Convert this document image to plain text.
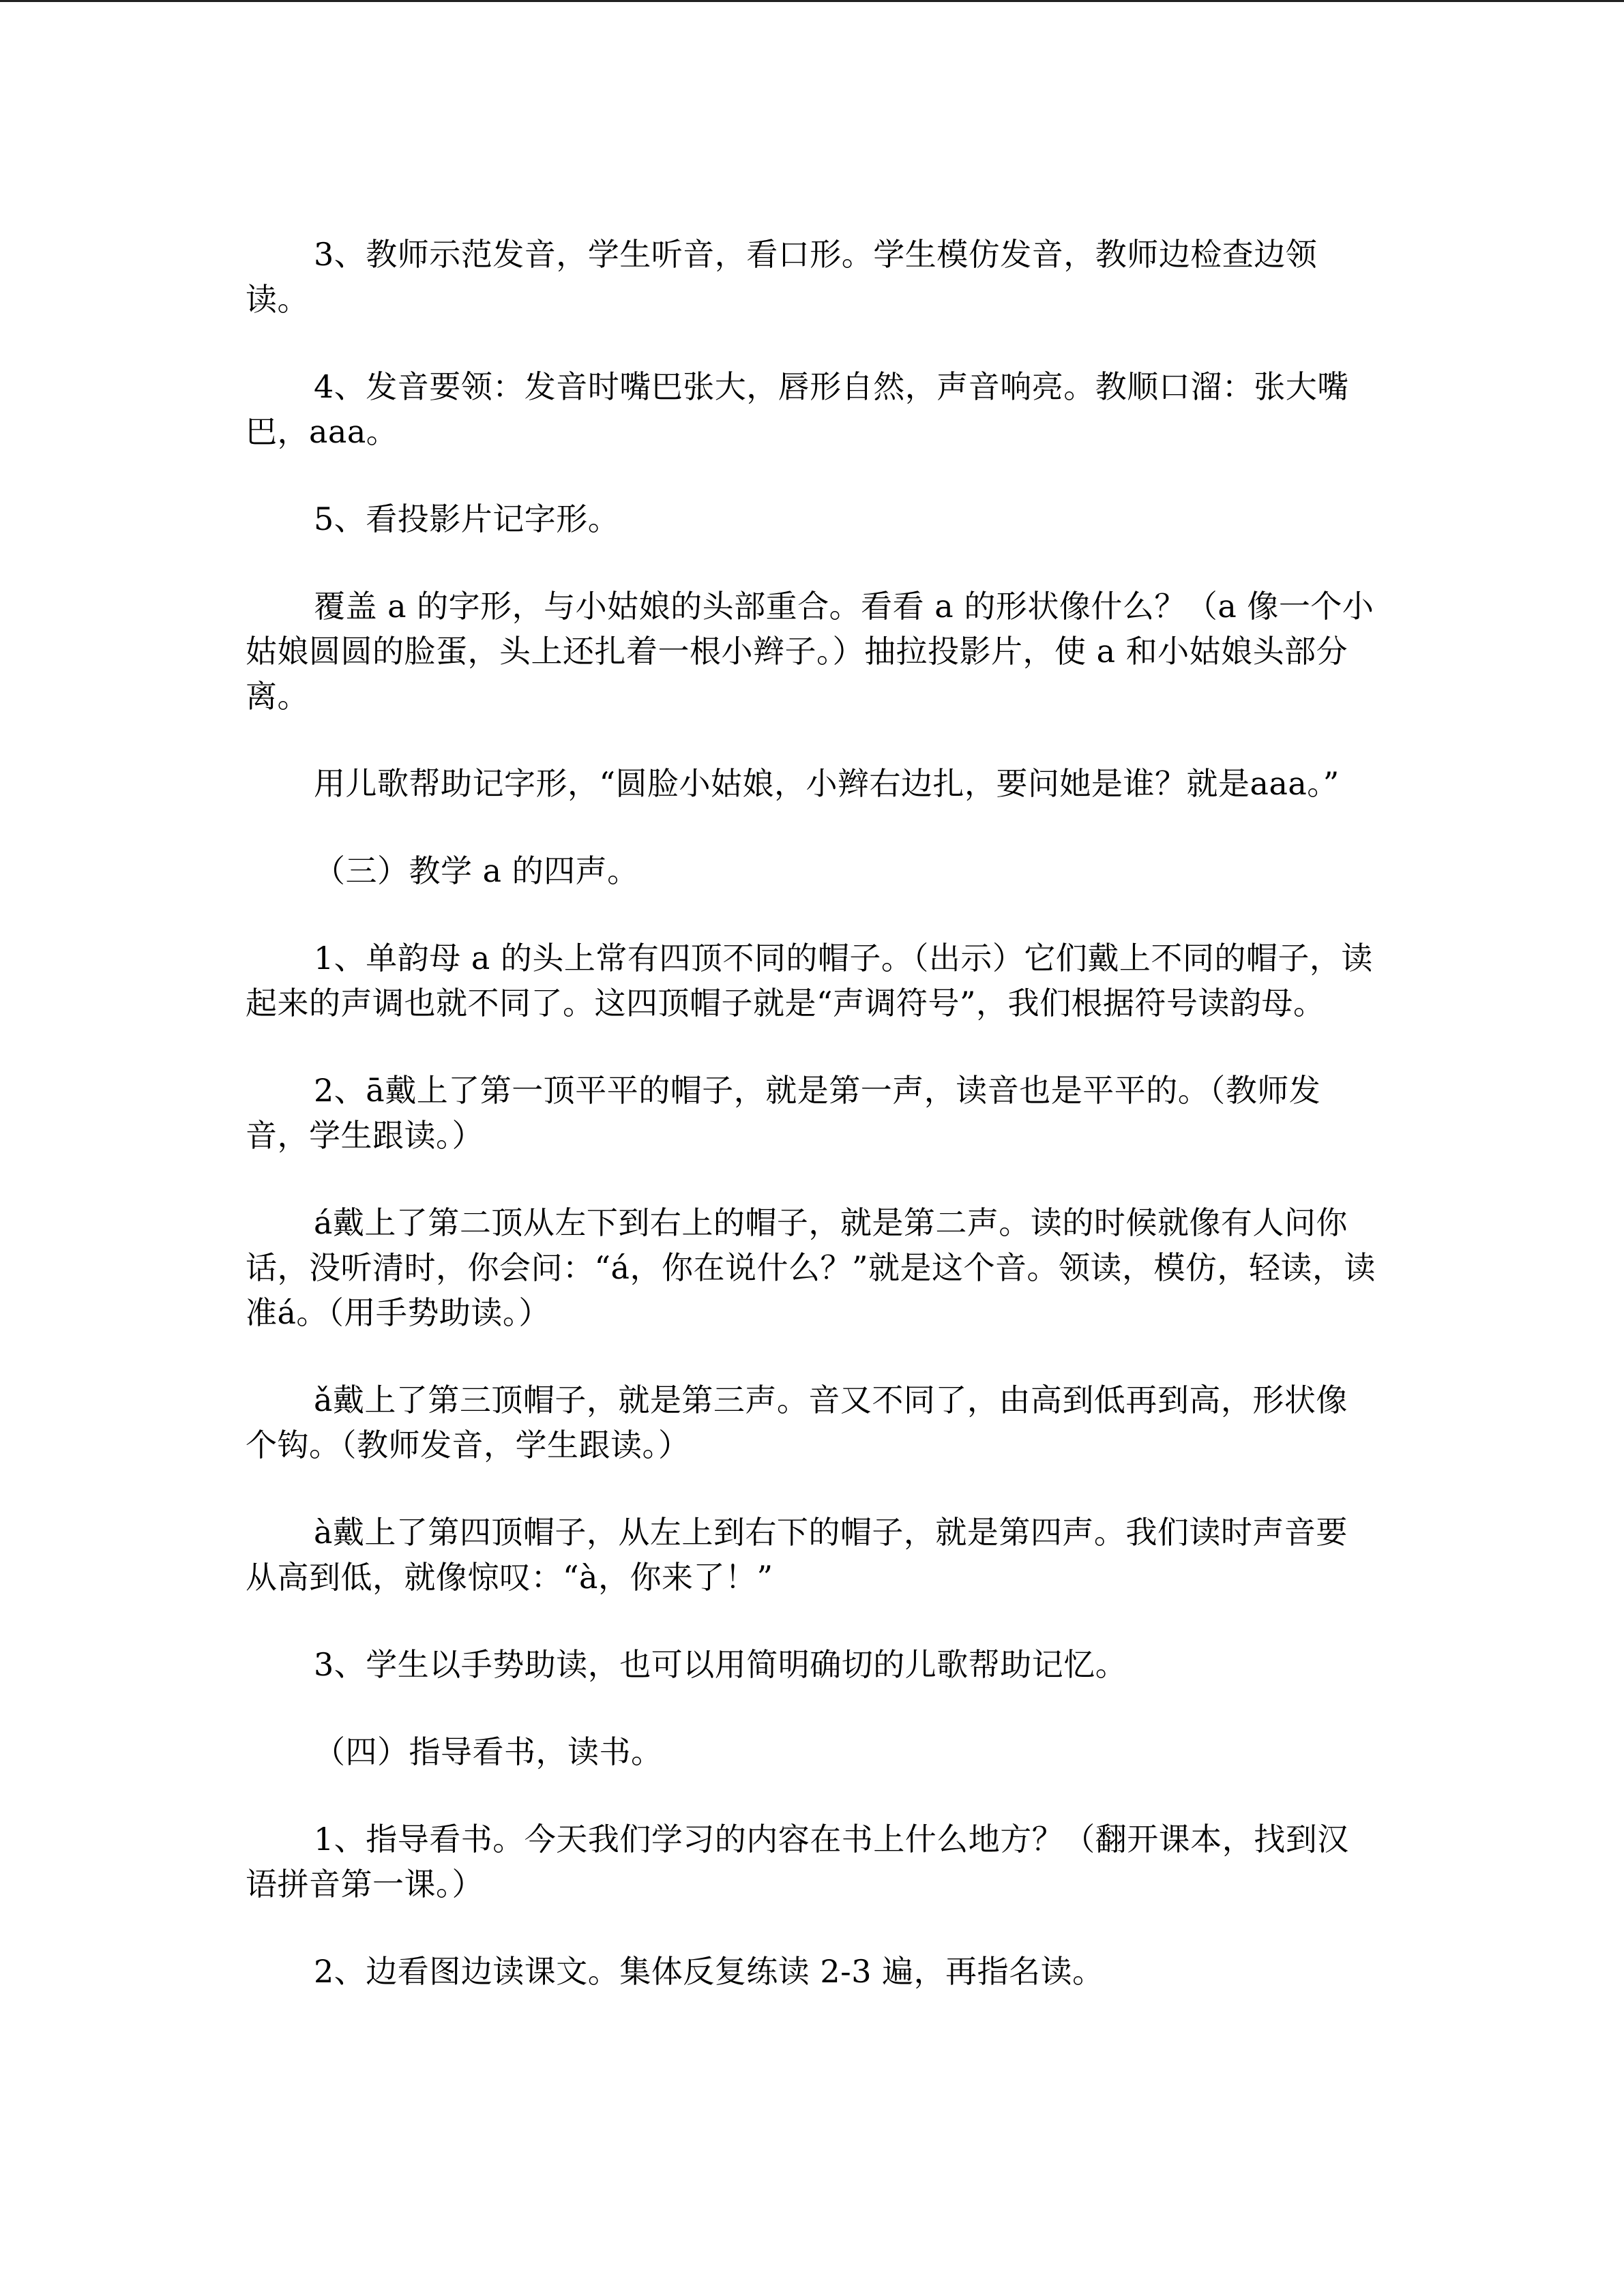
3、教师示范发音，学生听音，看口形。学生模仿发音，教师边检查边领读。

4、发音要领：发音时嘴巴张大，唇形自然，声音响亮。教顺口溜：张大嘴巴，aaa。

5、看投影片记字形。

覆盖 a 的字形，与小姑娘的头部重合。看看 a 的形状像什么？（a 像一个小姑娘圆圆的脸蛋，头上还扎着一根小辫子。）抽拉投影片，使 a 和小姑娘头部分离。

用儿歌帮助记字形，“圆脸小姑娘，小辫右边扎，要问她是谁？就是aaa。”

（三）教学 a 的四声。

1、单韵母 a 的头上常有四顶不同的帽子。（出示）它们戴上不同的帽子，读起来的声调也就不同了。这四顶帽子就是“声调符号”，我们根据符号读韵母。

2、ā戴上了第一顶平平的帽子，就是第一声，读音也是平平的。（教师发音，学生跟读。）

á戴上了第二顶从左下到右上的帽子，就是第二声。读的时候就像有人问你话，没听清时，你会问：“á，你在说什么？”就是这个音。领读，模仿，轻读，读准á。（用手势助读。）

ǎ戴上了第三顶帽子，就是第三声。音又不同了，由高到低再到高，形状像个钩。（教师发音，学生跟读。）

à戴上了第四顶帽子，从左上到右下的帽子，就是第四声。我们读时声音要从高到低，就像惊叹：“à，你来了！”

3、学生以手势助读，也可以用简明确切的儿歌帮助记忆。

（四）指导看书，读书。

1、指导看书。今天我们学习的内容在书上什么地方？（翻开课本，找到汉语拼音第一课。）

2、边看图边读课文。集体反复练读 2-3 遍，再指名读。
